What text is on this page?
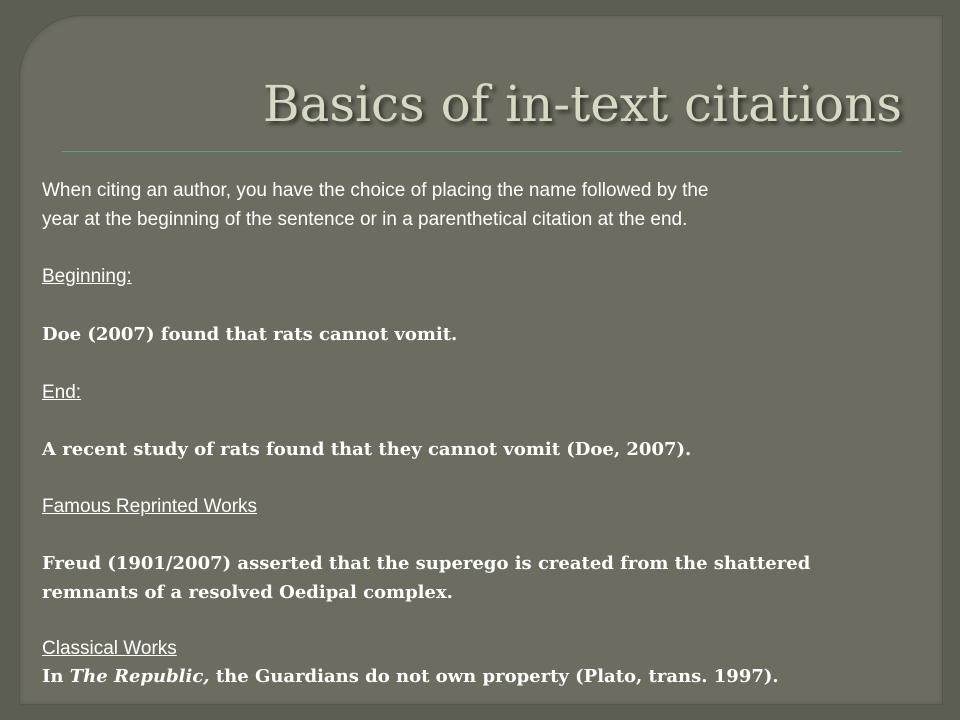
Basics of in-text citations
When citing an author, you have the choice of placing the name followed by the
year at the beginning of the sentence or in a parenthetical citation at the end.
Beginning:
Doe (2007) found that rats cannot vomit.
End:
A recent study of rats found that they cannot vomit (Doe, 2007).
Famous Reprinted Works
Freud (1901/2007) asserted that the superego is created from the shattered
remnants of a resolved Oedipal complex.
Classical Works
In The Republic, the Guardians do not own property (Plato, trans. 1997).
